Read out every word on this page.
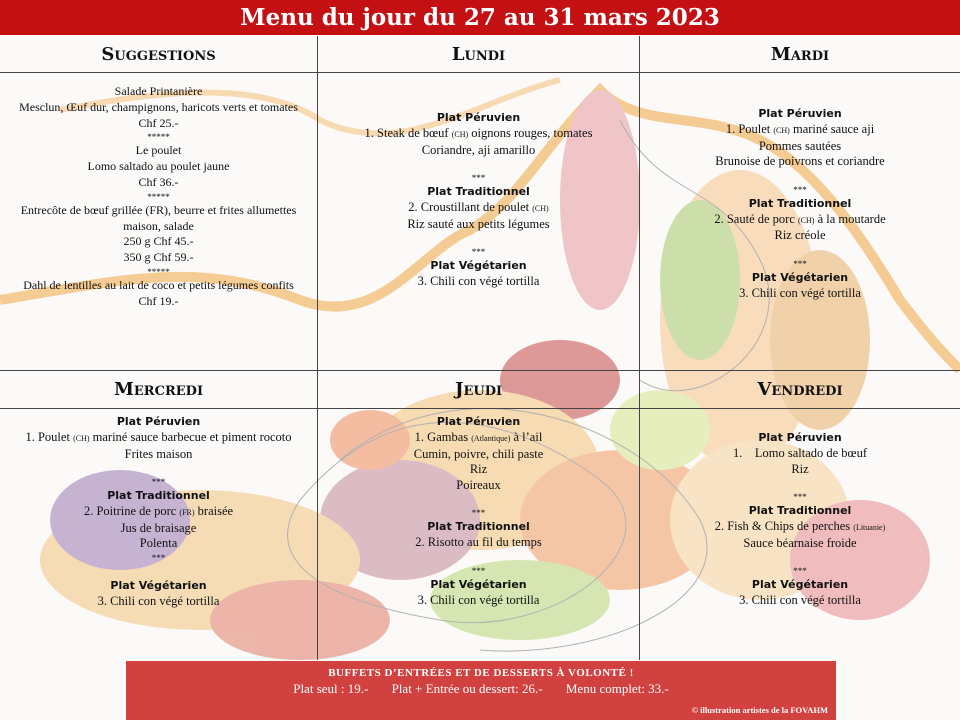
Menu du jour du 27 au 31 mars 2023
Suggestions	Lundi	Mardi
Mercredi	Jeudi	Vendredi
Salade Printanière
Mesclun, Œuf dur, champignons, haricots verts et tomates
Chf 25.-
*****
Le poulet
Lomo saltado au poulet jaune
Chf 36.-
*****
Entrecôte de bœuf grillée (FR), beurre et frites allumettes maison, salade
250 g Chf 45.-
350 g Chf 59.-
*****
Dahl de lentilles au lait de coco et petits légumes confits
Chf 19.-
Plat Péruvien
1. Steak de bœuf (CH) oignons rouges, tomates
Coriandre, aji amarillo
***
Plat Traditionnel
2. Croustillant de poulet (CH)
Riz sauté aux petits légumes
***
Plat Végétarien
3. Chili con végé tortilla
Plat Péruvien
1. Poulet (CH) mariné sauce aji
Pommes sautées
Brunoise de poivrons et coriandre
***
Plat Traditionnel
2. Sauté de porc (CH) à la moutarde
Riz créole
***
Plat Végétarien
3. Chili con végé tortilla
Plat Péruvien
1. Poulet (CH) mariné sauce barbecue et piment rocoto
Frites maison
***
Plat Traditionnel
2. Poitrine de porc (FR) braisée
Jus de braisage
Polenta
***
Plat Végétarien
3. Chili con végé tortilla
Plat Péruvien
1. Gambas (Atlantique) à l’ail
Cumin, poivre, chili paste
Riz
Poireaux
***
Plat Traditionnel
2. Risotto au fil du temps
***
Plat Végétarien
3. Chili con végé tortilla
Plat Péruvien
1.    Lomo saltado de bœuf
Riz
***
Plat Traditionnel
2. Fish & Chips de perches (Lituanie)
Sauce béarnaise froide
***
Plat Végétarien
3. Chili con végé tortilla
BUFFETS D’ENTRÉES ET DE DESSERTS À VOLONTÉ !
Plat seul : 19.- Plat + Entrée ou dessert: 26.- Menu complet: 33.-
© illustration artistes de la FOVAHM
